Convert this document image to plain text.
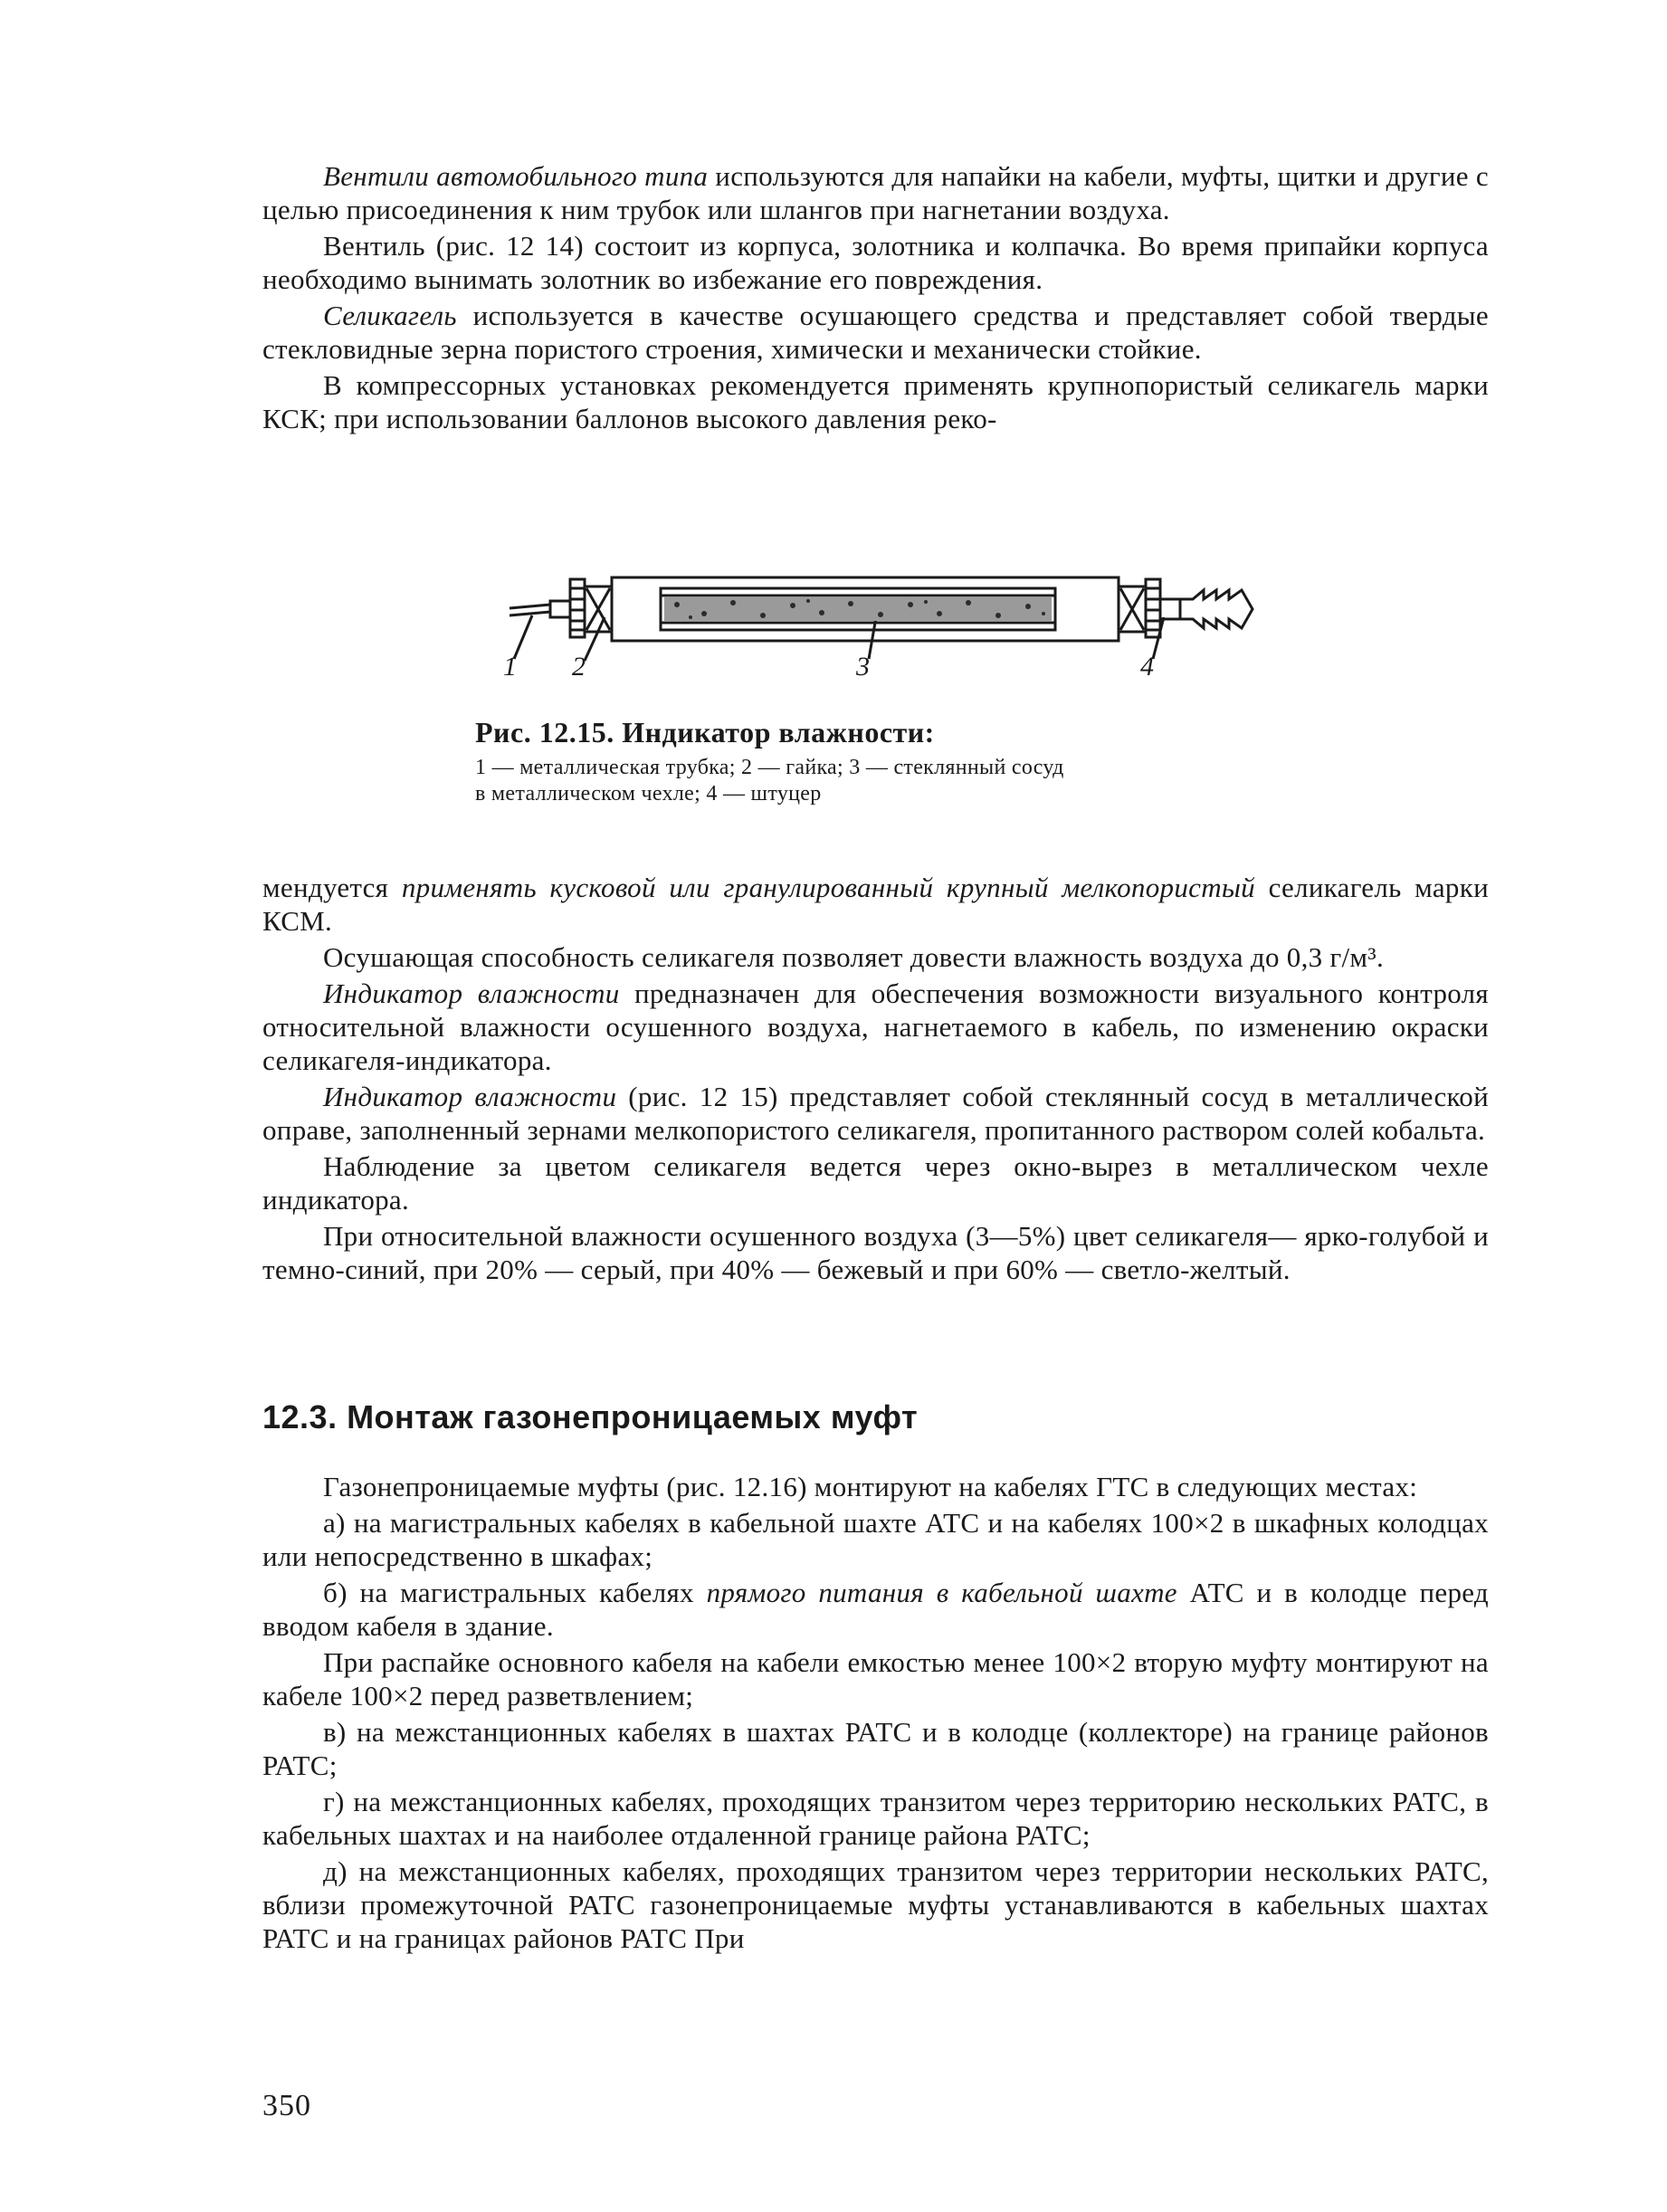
Вентили автомобильного типа используются для напайки на кабели, муфты, щитки и другие с целью присоединения к ним трубок или шлангов при нагнетании воздуха.

Вентиль (рис. 12 14) состоит из корпуса, золотника и колпачка. Во время припайки корпуса необходимо вынимать золотник во избежание его повреждения.

Селикагель используется в качестве осушающего средства и представляет собой твердые стекловидные зерна пористого строения, химически и механически стойкие.

В компрессорных установках рекомендуется применять крупнопористый селикагель марки КСК; при использовании баллонов высокого давления реко-

1 2	3	4
Рис. 12.15. Индикатор влажности:
1 — металлическая трубка; 2 — гайка; 3 — стеклянный сосуд
в металлическом чехле; 4 — штуцер

мендуется применять кусковой или гранулированный крупный мелкопористый селикагель марки КСМ.

Осушающая способность селикагеля позволяет довести влажность воздуха до 0,3 г/м³.

Индикатор влажности предназначен для обеспечения возможности визуального контроля относительной влажности осушенного воздуха, нагнетаемого в кабель, по изменению окраски селикагеля-индикатора.

Индикатор влажности (рис. 12 15) представляет собой стеклянный сосуд в металлической оправе, заполненный зернами мелкопористого селикагеля, пропитанного раствором солей кобальта.

Наблюдение за цветом селикагеля ведется через окно-вырез в металлическом чехле индикатора.

При относительной влажности осушенного воздуха (3—5%) цвет селикагеля— ярко-голубой и темно-синий, при 20% — серый, при 40% — бежевый и при 60% — светло-желтый.

12.3. Монтаж газонепроницаемых муфт

Газонепроницаемые муфты (рис. 12.16) монтируют на кабелях ГТС в следующих местах:

а) на магистральных кабелях в кабельной шахте АТС и на кабелях 100×2 в шкафных колодцах или непосредственно в шкафах;

б) на магистральных кабелях прямого питания в кабельной шахте АТС и в колодце перед вводом кабеля в здание.

При распайке основного кабеля на кабели емкостью менее 100×2 вторую муфту монтируют на кабеле 100×2 перед разветвлением;

в) на межстанционных кабелях в шахтах РАТС и в колодце (коллекторе) на границе районов РАТС;

г) на межстанционных кабелях, проходящих транзитом через территорию нескольких РАТС, в кабельных шахтах и на наиболее отдаленной границе района РАТС;

д) на межстанционных кабелях, проходящих транзитом через территории нескольких РАТС, вблизи промежуточной РАТС газонепроницаемые муфты устанавливаются в кабельных шахтах РАТС и на границах районов РАТС При

350
